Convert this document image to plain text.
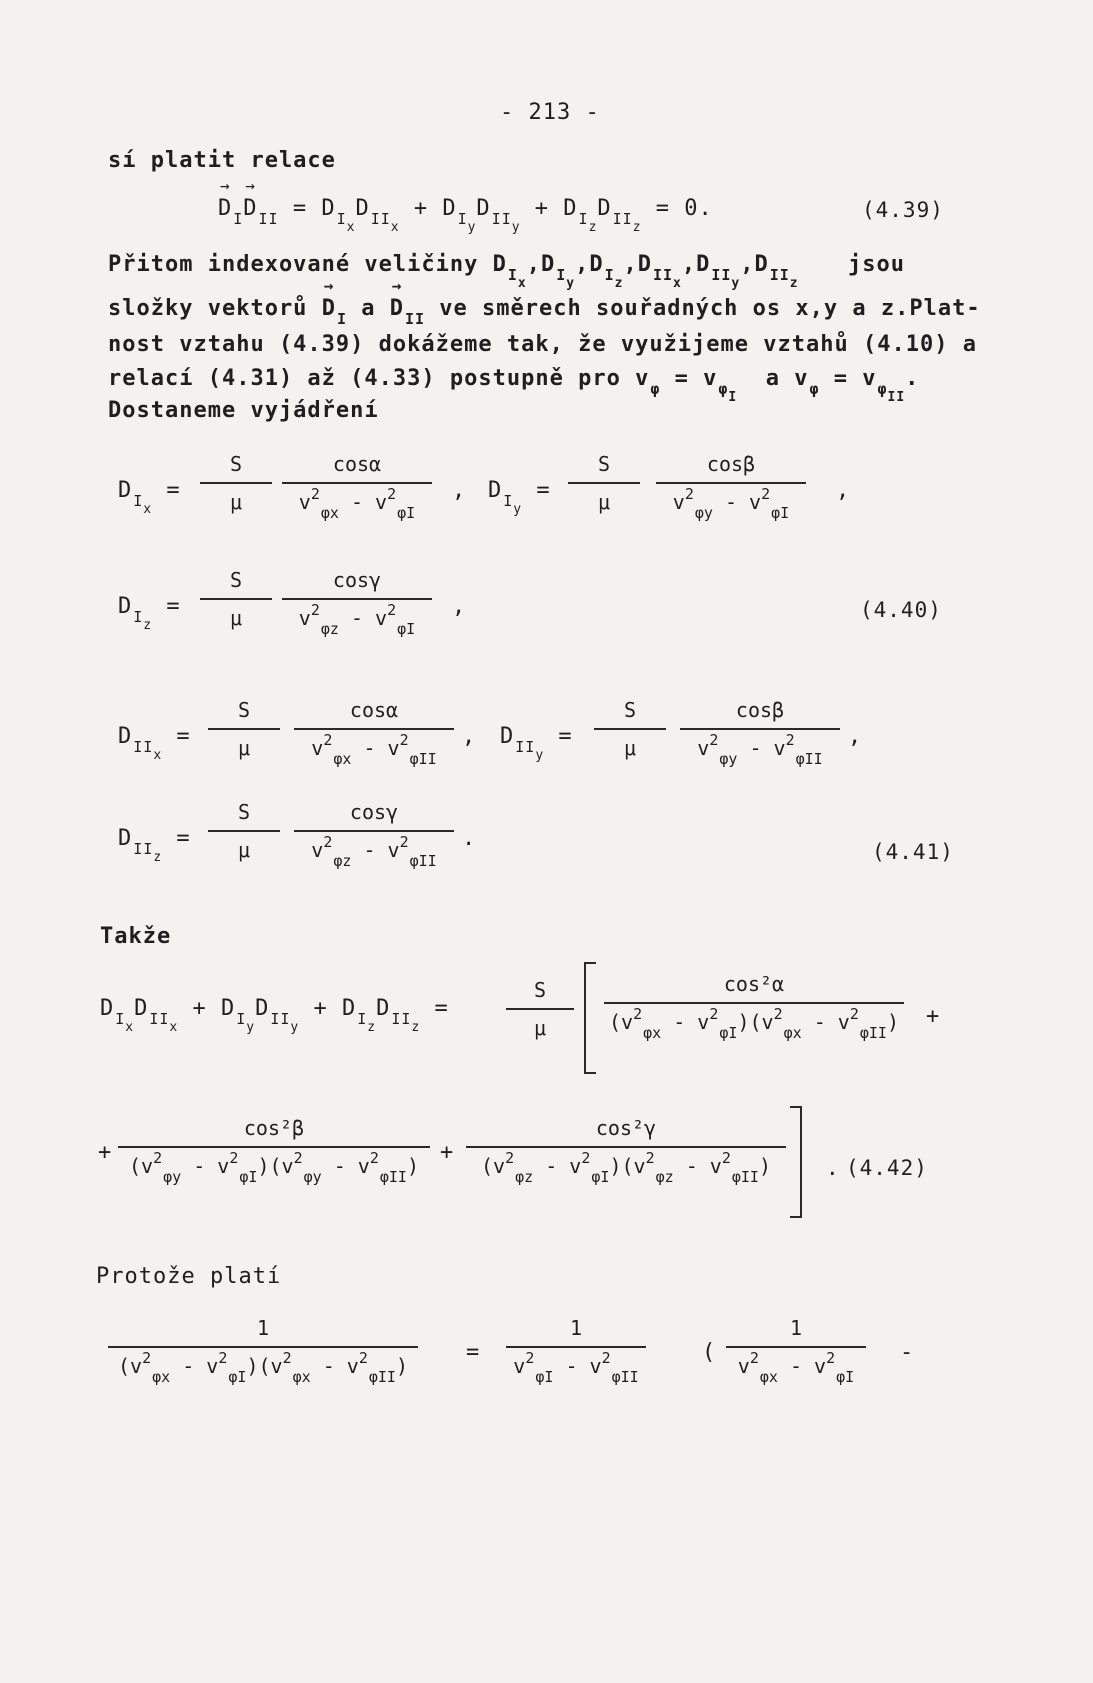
- 213 -
sí platit relace
→ $D_I\to D_{II} = D_{Ix}D_{IIx} + D_{Iy}D_{IIy} + D_{Iz}D_{IIz} = 0$.	(4.39)
Přitom indexované veličiny $D_{Ix},D_{Iy},D_{Iz},D_{IIx},D_{IIy},D_{IIz}$
jsou
složky vektorů → $D_I$ $a \to D_{II}$ ve směrech souřadných os x,y a z.Plat-
nost vztahu (4.39) dokážeme tak, že využijeme vztahů (4.10) a
relací (4.31) až (4.33) postupně pro $v_\varphi = v_{\varphi I}$  a $v_\varphi = v_{\varphi II}$.
Dostaneme vyjádření
$D_{Ix}$ =
S
μ
cosα
$v^2_{\varphi x} - v^2_{\varphi I}$
, $D_{Iy}$ =
S
μ
cosβ
$v^2_{\varphi y} - v^2_{\varphi I}$
,
$D_{Iz}$ =
S
μ
cosγ
$v^2_{\varphi z} - v^2_{\varphi I}$
,	(4.40)
$D_{IIx}$ =
S
μ
cosα
$v^2_{\varphi x} - v^2_{\varphi II}$
, $D_{IIy}$ =
S
μ
cosβ
$v^2_{\varphi y} - v^2_{\varphi II}$
,
$D_{IIz}$ =
S
μ
cosγ
$v^2_{\varphi z} - v^2_{\varphi II}$
.
(4.41)
Takže
$D_{Ix}D_{IIx} + D_{Iy}D_{IIy} + D_{Iz}D_{IIz}$ =
S
μ
cos²α
$(v^2_{\varphi x} - v^2_{\varphi I})(v^2_{\varphi x} - v^2_{\varphi II})$ +
+
cos²β
$(v^2_{\varphi y} - v^2_{\varphi I})(v^2_{\varphi y} - v^2_{\varphi II})$
+
cos²γ
$(v^2_{\varphi z} - v^2_{\varphi I})(v^2_{\varphi z} - v^2_{\varphi II})$	. (4.42)
Protože platí
1
$(v^2_{\varphi x} - v^2_{\varphi I})(v^2_{\varphi x} - v^2_{\varphi II})$
=
1
$v^2_{\varphi I} - v^2_{\varphi II}$
(
1
$v^2_{\varphi x} - v^2_{\varphi I}$
-
